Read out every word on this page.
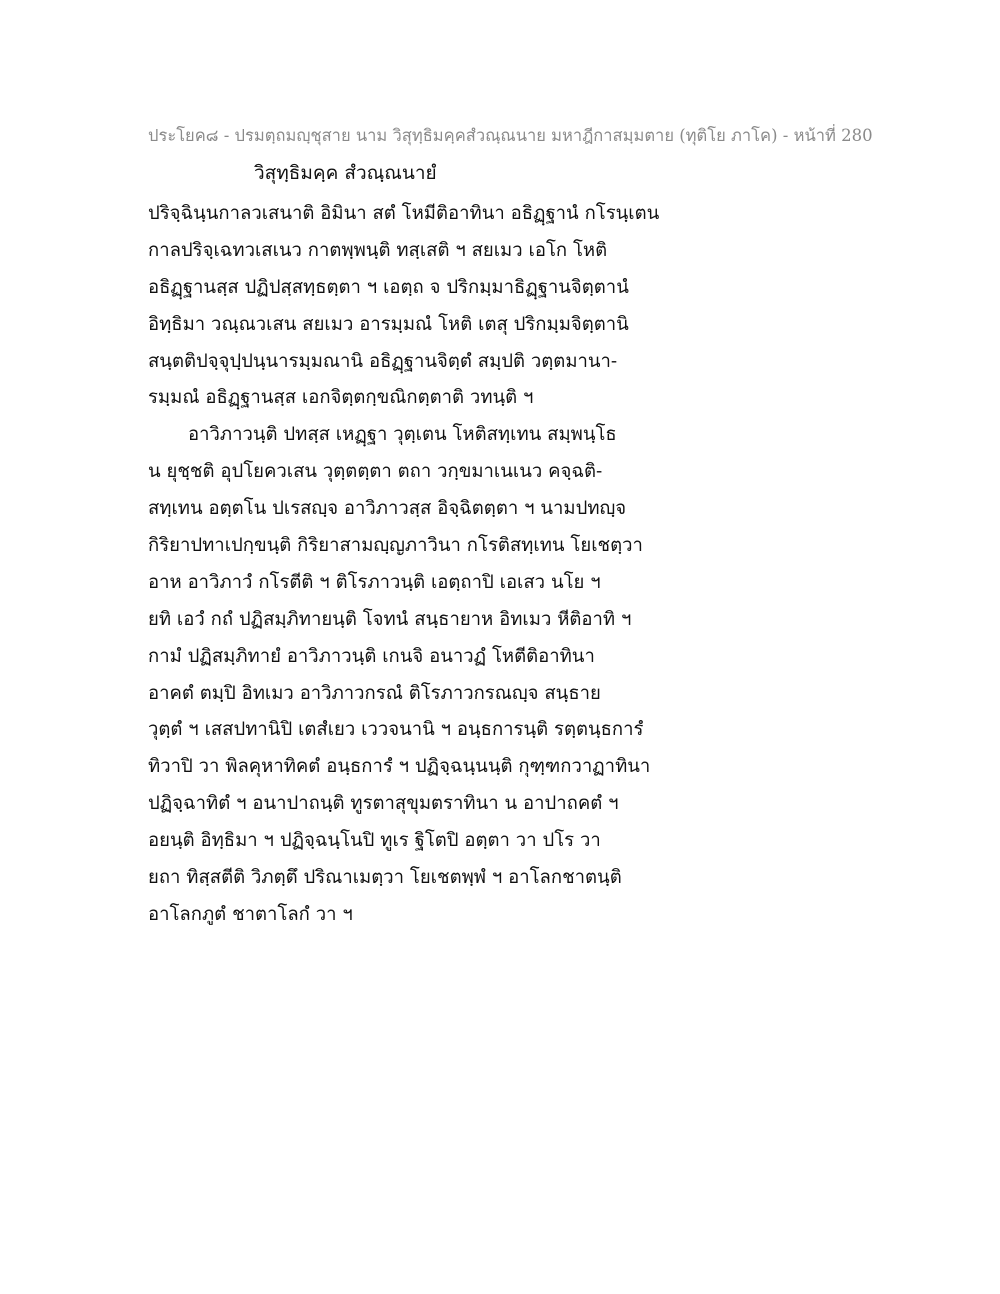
ประโยค๘ - ปรมตฺถมญฺชุสาย นาม วิสุทฺธิมคฺคสํวณฺณนาย มหาฎีกาสมฺมตาย (ทุติโย ภาโค) - หน้าที่ 280
วิสุทฺธิมคฺค สํวณฺณนายํ
ปริจฺฉินฺนกาลวเสนาติ อิมินา สตํ โหมีติอาทินา อธิฏฺฐานํ กโรนฺเตน
กาลปริจฺเฉทวเสเนว กาตพฺพนฺติ ทสฺเสติ ฯ สยเมว เอโก โหติ
อธิฏฺฐานสฺส ปฏิปสฺสทฺธตฺตา ฯ เอตฺถ จ ปริกมฺมาธิฏฺฐานจิตฺตานํ
อิทฺธิมา วณฺณวเสน สยเมว อารมฺมณํ โหติ เตสุ ปริกมฺมจิตฺตานิ
สนฺตติปจฺจุปฺปนฺนารมฺมณานิ อธิฏฺฐานจิตฺตํ สมฺปติ วตฺตมานา-
รมฺมณํ อธิฏฺฐานสฺส เอกจิตฺตกฺขณิกตฺตาติ วทนฺติ ฯ
อาวิภาวนฺติ ปทสฺส เหฏฺฐา วุตฺเตน โหติสทฺเทน สมฺพนฺโธ
น ยุชฺชติ อุปโยควเสน วุตฺตตฺตา ตถา วกฺขมาเนเนว คจฺฉติ-
สทฺเทน อตฺตโน ปเรสญฺจ อาวิภาวสฺส อิจฺฉิตตฺตา ฯ นามปทญฺจ
กิริยาปทาเปกฺขนฺติ กิริยาสามญฺญภาวินา กโรติสทฺเทน โยเชตฺวา
อาห อาวิภาวํ กโรตีติ ฯ ติโรภาวนฺติ เอตฺถาปิ เอเสว นโย ฯ
ยทิ เอวํ กถํ ปฏิสมฺภิทายนฺติ โจทนํ สนฺธายาห อิทเมว หีติอาทิ ฯ
กามํ ปฏิสมฺภิทายํ อาวิภาวนฺติ เกนจิ อนาวฏํ โหตีติอาทินา
อาคตํ ตมฺปิ อิทเมว อาวิภาวกรณํ ติโรภาวกรณญฺจ สนฺธาย
วุตฺตํ ฯ เสสปทานิปิ เตสํเยว เววจนานิ ฯ อนฺธการนฺติ รตฺตนฺธการํ
ทิวาปิ วา พิลคุหาทิคตํ อนฺธการํ ฯ ปฏิจฺฉนฺนนฺติ กุฑฺฑกวาฏาทินา
ปฏิจฺฉาทิตํ ฯ อนาปาถนฺติ ทูรตาสุขุมตราทินา น อาปาถคตํ ฯ
อยนฺติ อิทฺธิมา ฯ ปฏิจฺฉนฺโนปิ ทูเร ฐิโตปิ อตฺตา วา ปโร วา
ยถา ทิสฺสตีติ วิภตฺตึ ปริณาเมตฺวา โยเชตพฺพํ ฯ อาโลกชาตนฺติ
อาโลกภูตํ ชาตาโลกํ วา ฯ
